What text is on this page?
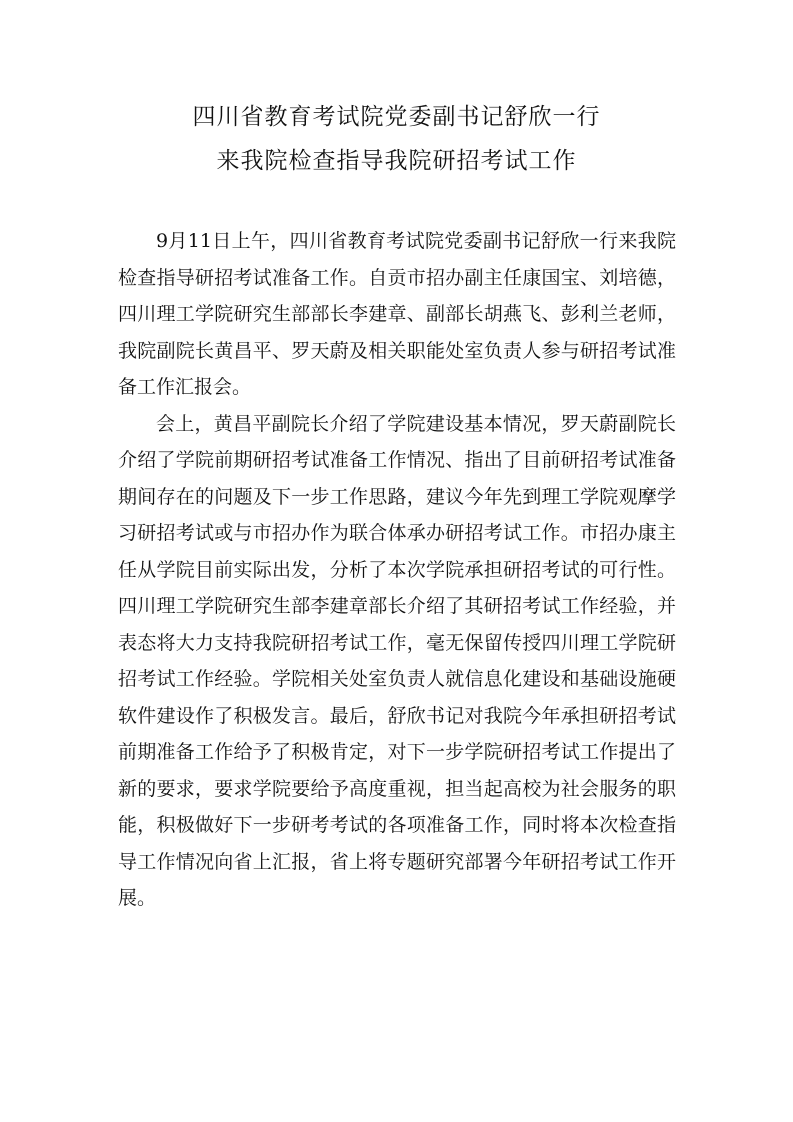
四川省教育考试院党委副书记舒欣一行
来我院检查指导我院研招考试工作

9月11日上午，四川省教育考试院党委副书记舒欣一行来我院检查指导研招考试准备工作。自贡市招办副主任康国宝、刘培德，四川理工学院研究生部部长李建章、副部长胡燕飞、彭利兰老师，我院副院长黄昌平、罗天蔚及相关职能处室负责人参与研招考试准备工作汇报会。

会上，黄昌平副院长介绍了学院建设基本情况，罗天蔚副院长介绍了学院前期研招考试准备工作情况、指出了目前研招考试准备期间存在的问题及下一步工作思路，建议今年先到理工学院观摩学习研招考试或与市招办作为联合体承办研招考试工作。市招办康主任从学院目前实际出发，分析了本次学院承担研招考试的可行性。四川理工学院研究生部李建章部长介绍了其研招考试工作经验，并表态将大力支持我院研招考试工作，毫无保留传授四川理工学院研招考试工作经验。学院相关处室负责人就信息化建设和基础设施硬软件建设作了积极发言。最后，舒欣书记对我院今年承担研招考试前期准备工作给予了积极肯定，对下一步学院研招考试工作提出了新的要求，要求学院要给予高度重视，担当起高校为社会服务的职能，积极做好下一步研考考试的各项准备工作，同时将本次检查指导工作情况向省上汇报，省上将专题研究部署今年研招考试工作开展。
